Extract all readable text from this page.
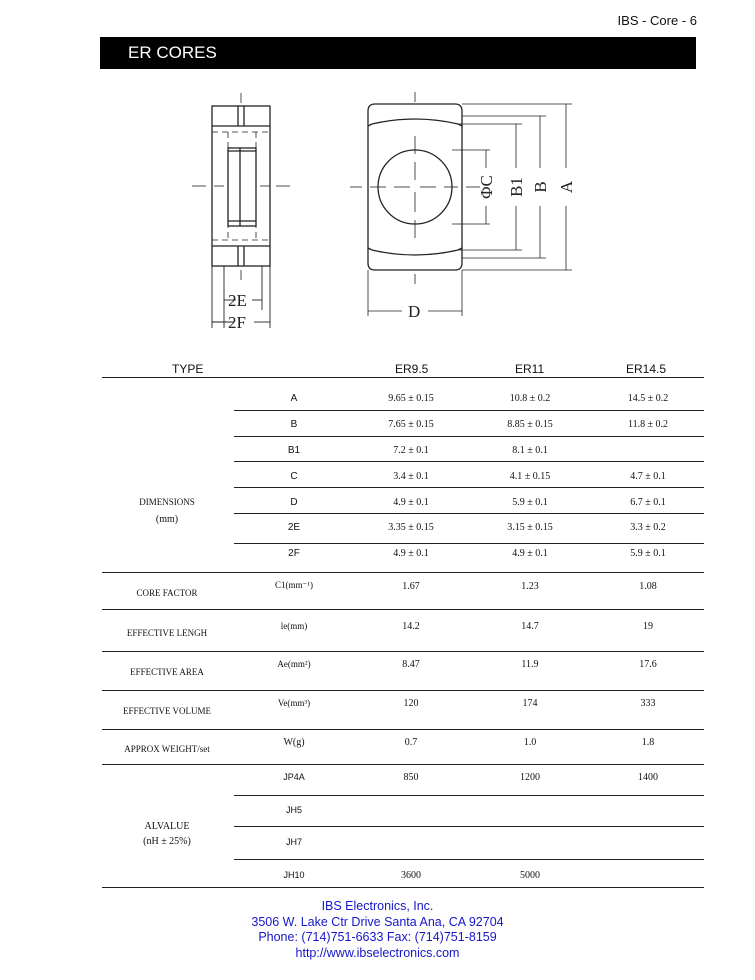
IBS - Core - 6
ER CORES
2E
2F
D
ΦC B1 B A
TYPE	ER9.5	ER11	ER14.5
DIMENSIONS
(mm)
A	9.65 ± 0.15	10.8 ± 0.2	14.5 ± 0.2
B	7.65 ± 0.15	8.85 ± 0.15	11.8 ± 0.2
B1	7.2 ± 0.1	8.1 ± 0.1
C	3.4 ± 0.1	4.1 ± 0.15	4.7 ± 0.1
D	4.9 ± 0.1	5.9 ± 0.1	6.7 ± 0.1
2E	3.35 ± 0.15	3.15 ± 0.15	3.3 ± 0.2
2F	4.9 ± 0.1	4.9 ± 0.1	5.9 ± 0.1
CORE FACTOR
C1(mm⁻¹)	1.67	1.23	1.08
EFFECTIVE LENGH
le(mm)	14.2	14.7	19
EFFECTIVE AREA
Ae(mm²)	8.47	11.9	17.6
EFFECTIVE VOLUME
Ve(mm³)	120	174	333
APPROX WEIGHT/set
W(g)	0.7	1.0	1.8
ALVALUE
(nH ± 25%)
JP4A	850	1200	1400
JH5
JH7
JH10	3600	5000
IBS Electronics, Inc.
3506 W. Lake Ctr Drive Santa Ana, CA 92704
Phone: (714)751-6633 Fax: (714)751-8159
http://www.ibselectronics.com
